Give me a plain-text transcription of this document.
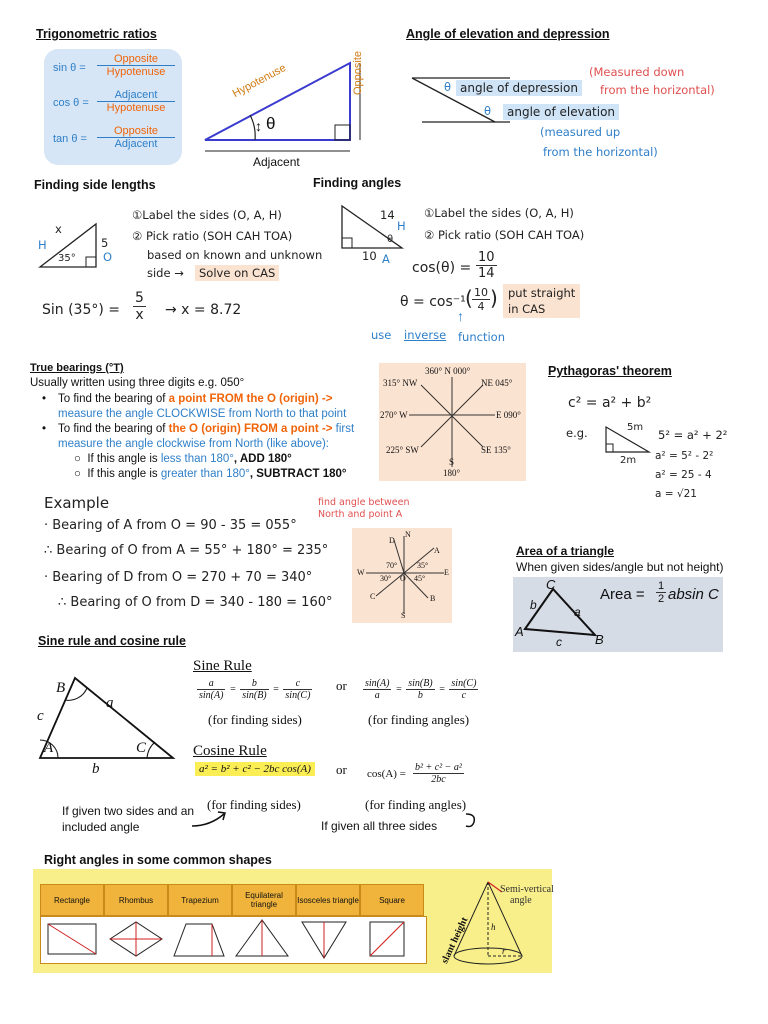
Trigonometric ratios
sin θ =
Opposite
Hypotenuse
cos θ =
Adjacent
Hypotenuse
tan θ =
Opposite
Adjacent
Hypotenuse	Opposite
Adjacent
θ
↕
Angle of elevation and depression
θ angle of depression
(Measured down
from the horizontal)
θ	angle of elevation
(measured up
from the horizontal)
Finding side lengths
x
H	5
O
35°
①Label the sides (O, A, H)
② Pick ratio (SOH CAH TOA)
based on known and unknown
side →	Solve on CAS
Sin $(35^\circ) = \frac{5}{x} \to x = 8.72$
Finding angles
14
H
θ
10 A
①Label the sides (O, A, H)
② Pick ratio (SOH CAH TOA)
$\cos(\theta) = \frac{10}{14}$
θ = cos⁻¹ ( $\frac{10}{4}$ ) put straight
in CAS
↑
use inverse function
True bearings (°T)
Usually written using three digits e.g. 050°
• To find the bearing of a point FROM the O (origin) ->
measure the angle CLOCKWISE from North to that point
• To find the bearing of the O (origin) FROM a point -> first
measure the angle clockwise from North (like above):
○  If this angle is less than 180°, ADD 180°
○  If this angle is greater than 180°, SUBTRACT 180°
360° N 000°
NE 045°
315° NW
270° W	E 090°
225° SW	SE 135°
S
180°
Pythagoras' theorem
c² = a² + b²
e.g.	5m
2m
5² = a² + 2²
a² = 5² - 2²
a² = 25 - 4
a = √21
Example	find angle between
North and point A
· Bearing of A from O = 90 - 35 = 055°
∴ Bearing of O from A = 55° + 180° = 235°
· Bearing of D from O = 270 + 70 = 340°
∴ Bearing of O from D = 340 - 180 = 160°
N
D
A
W	E
70° 35°
30° O 45°
C	B
S
Area of a triangle
When given sides/angle but not height)
C
b	a
A
c	B
Area = $\frac{1}{2}$ absin C
Sine rule and cosine rule
B
a
c
A	C
b
Sine Rule
$\frac{a}{\sin(A)} = \frac{b}{\sin(B)} = \frac{c}{\sin(C)}$ or $\frac{\sin(A)}{a} = \frac{\sin(B)}{b} = \frac{\sin(C)}{c}$
(for finding sides)	(for finding angles)
Cosine Rule
a² = b² + c² − 2bc cos(A)	or $\cos(A) = \frac{\text{b² + c² − a²}}{2bc}$
(for finding sides)	(for finding angles)
If given two sides and an
included angle	If given all three sides
Right angles in some common shapes
Rectangle	Rhombus	Trapezium	Equilateral triangle	Isosceles triangle	Square
Semi-vertical
angle
slant height h
r
